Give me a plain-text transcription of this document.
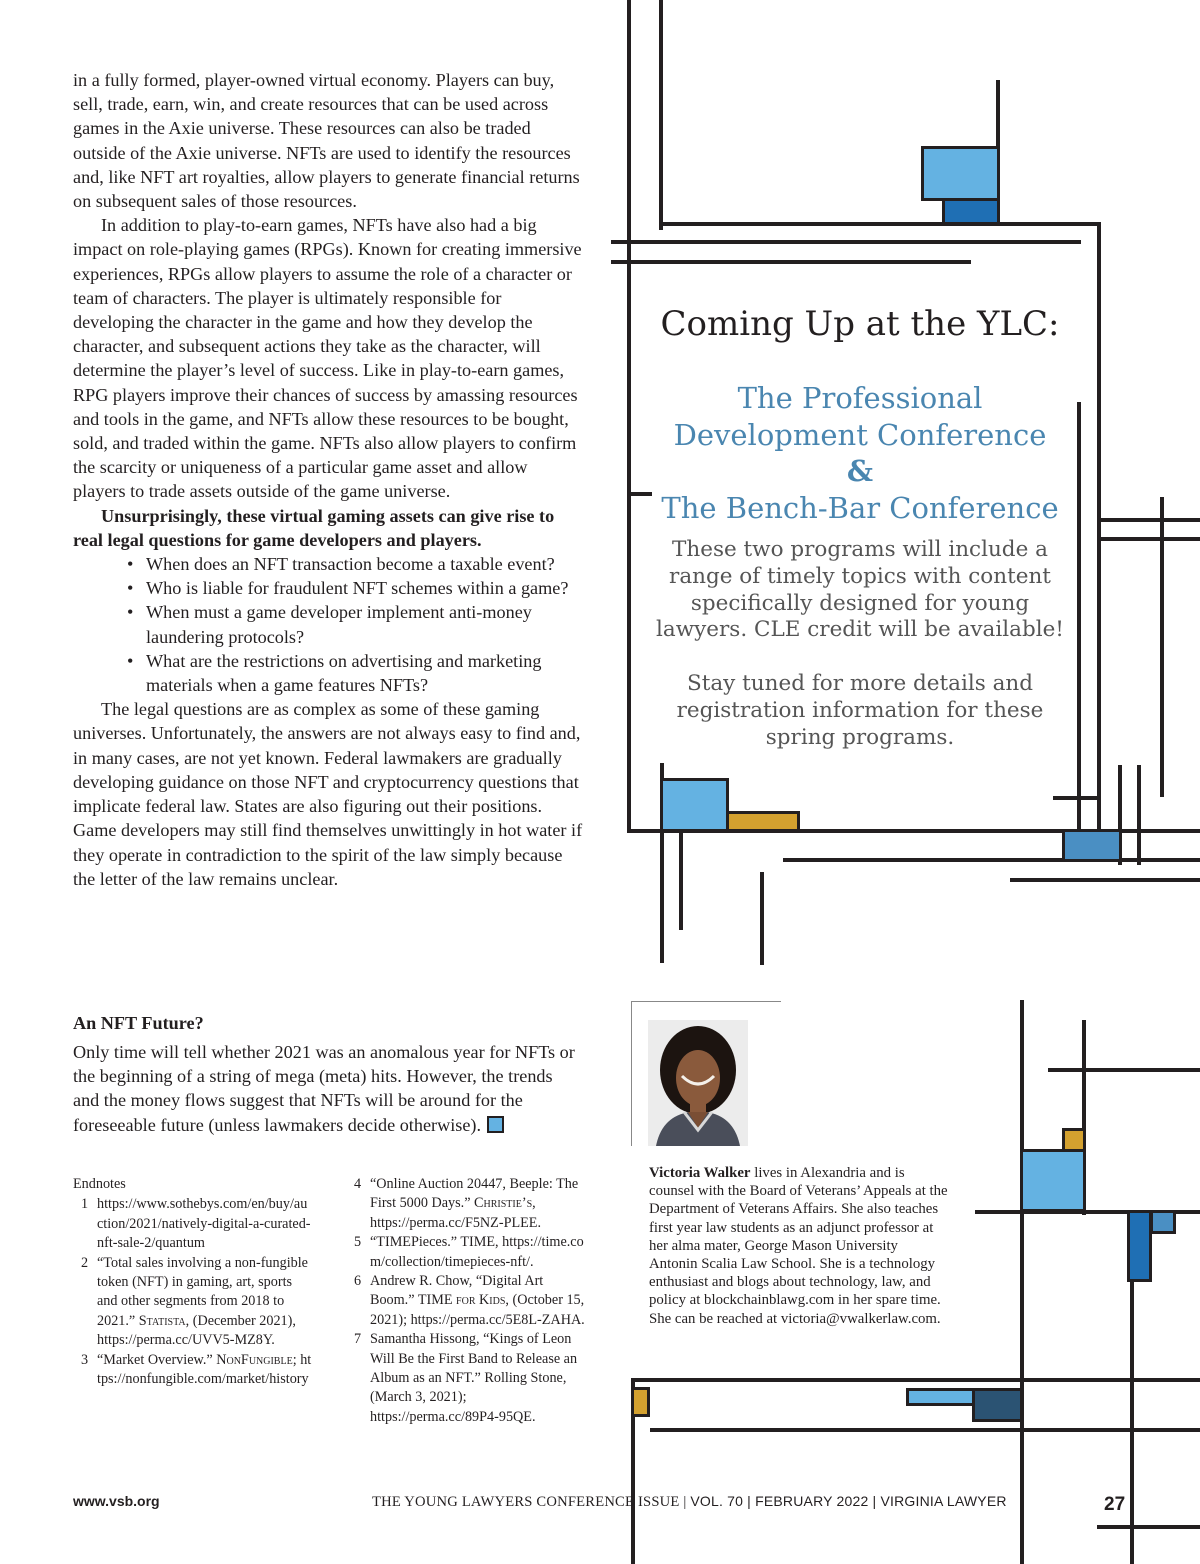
in a fully formed, player-owned virtual economy. Players can buy, sell, trade, earn, win, and create resources that can be used across games in the Axie universe. These resources can also be traded outside of the Axie universe. NFTs are used to identify the resources and, like NFT art royalties, allow players to generate financial returns on subsequent sales of those resources.

In addition to play-to-earn games, NFTs have also had a big impact on role-playing games (RPGs). Known for creating immersive experiences, RPGs allow players to assume the role of a character or team of characters. The player is ultimately responsible for developing the character in the game and how they develop the character, and subsequent actions they take as the character, will determine the player’s level of success. Like in play-to-earn games, RPG players improve their chances of success by amassing resources and tools in the game, and NFTs allow these resources to be bought, sold, and traded within the game. NFTs also allow players to confirm the scarcity or uniqueness of a particular game asset and allow players to trade assets outside of the game universe.

Unsurprisingly, these virtual gaming assets can give rise to real legal questions for game developers and players.

• When does an NFT transaction become a taxable event?
• Who is liable for fraudulent NFT schemes within a game?
• When must a game developer implement anti-money laundering protocols?
• What are the restrictions on advertising and marketing materials when a game features NFTs?

The legal questions are as complex as some of these gaming universes. Unfortunately, the answers are not always easy to find and, in many cases, are not yet known. Federal lawmakers are gradually developing guidance on those NFT and cryptocurrency questions that implicate federal law. States are also figuring out their positions. Game developers may still find themselves unwittingly in hot water if they operate in contradiction to the spirit of the law simply because the letter of the law remains unclear.

An NFT Future?

Only time will tell whether 2021 was an anomalous year for NFTs or the beginning of a string of mega (meta) hits. However, the trends and the money flows suggest that NFTs will be around for the foreseeable future (unless lawmakers decide otherwise).

Endnotes
1 https://www.sothebys.com/en/buy/auction/2021/natively-digital-a-curated-nft-sale-2/quantum
2 “Total sales involving a non-fungible token (NFT) in gaming, art, sports and other segments from 2018 to 2021.” Statista, (December 2021), https://perma.cc/UVV5-MZ8Y.
3 “Market Overview.” NonFungible; https://nonfungible.com/market/history
4 “Online Auction 20447, Beeple: The First 5000 Days.” Christie’s, https://perma.cc/F5NZ-PLEE.
5 “TIMEPieces.” TIME, https://time.com/collection/timepieces-nft/.
6 Andrew R. Chow, “Digital Art Boom.” TIME for Kids, (October 15, 2021); https://perma.cc/5E8L-ZAHA.
7 Samantha Hissong, “Kings of Leon Will Be the First Band to Release an Album as an NFT.” Rolling Stone, (March 3, 2021); https://perma.cc/89P4-95QE.
Coming Up at the YLC:
The Professional Development Conference
&
The Bench-Bar Conference
These two programs will include a range of timely topics with content specifically designed for young lawyers. CLE credit will be available!
Stay tuned for more details and registration information for these spring programs.
Victoria Walker lives in Alexandria and is counsel with the Board of Veterans’ Appeals at the Department of Veterans Affairs. She also teaches first year law students as an adjunct professor at her alma mater, George Mason University Antonin Scalia Law School. She is a technology enthusiast and blogs about technology, law, and policy at blockchainblawg.com in her spare time. She can be reached at victoria@vwalkerlaw.com.
www.vsb.org	THE YOUNG LAWYERS CONFERENCE ISSUE | VOL. 70 | FEBRUARY 2022 | VIRGINIA LAWYER	27
